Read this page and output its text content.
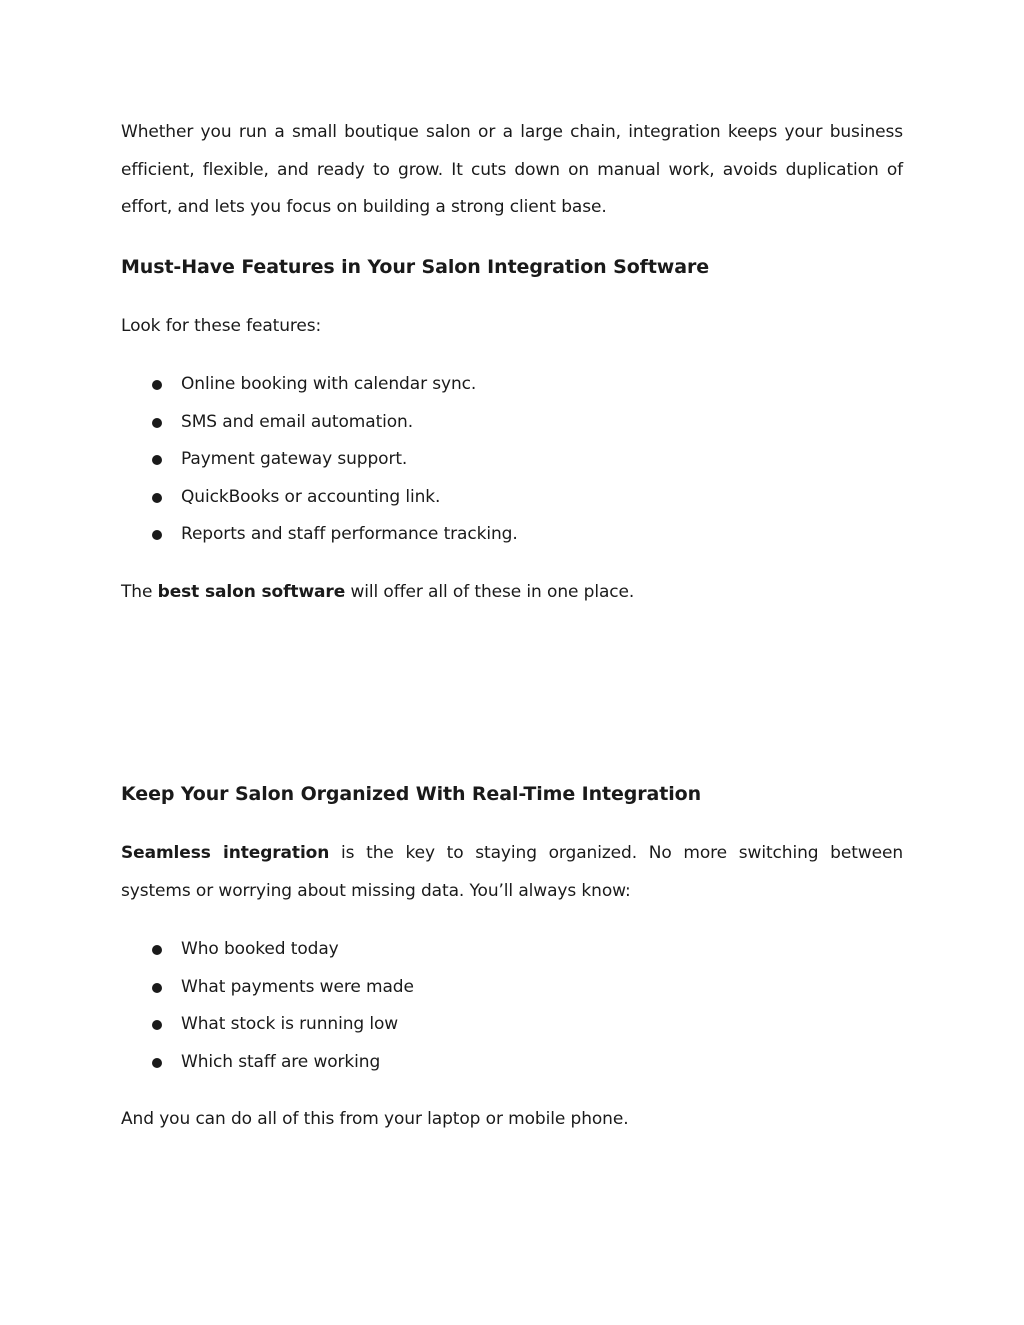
Whether you run a small boutique salon or a large chain, integration keeps your business efficient, flexible, and ready to grow. It cuts down on manual work, avoids duplication of effort, and lets you focus on building a strong client base.

Must-Have Features in Your Salon Integration Software

Look for these features:

Online booking with calendar sync.
SMS and email automation.
Payment gateway support.
QuickBooks or accounting link.
Reports and staff performance tracking.

The best salon software will offer all of these in one place.

Keep Your Salon Organized With Real-Time Integration

Seamless integration is the key to staying organized. No more switching between systems or worrying about missing data. You’ll always know:

Who booked today
What payments were made
What stock is running low
Which staff are working

And you can do all of this from your laptop or mobile phone.
